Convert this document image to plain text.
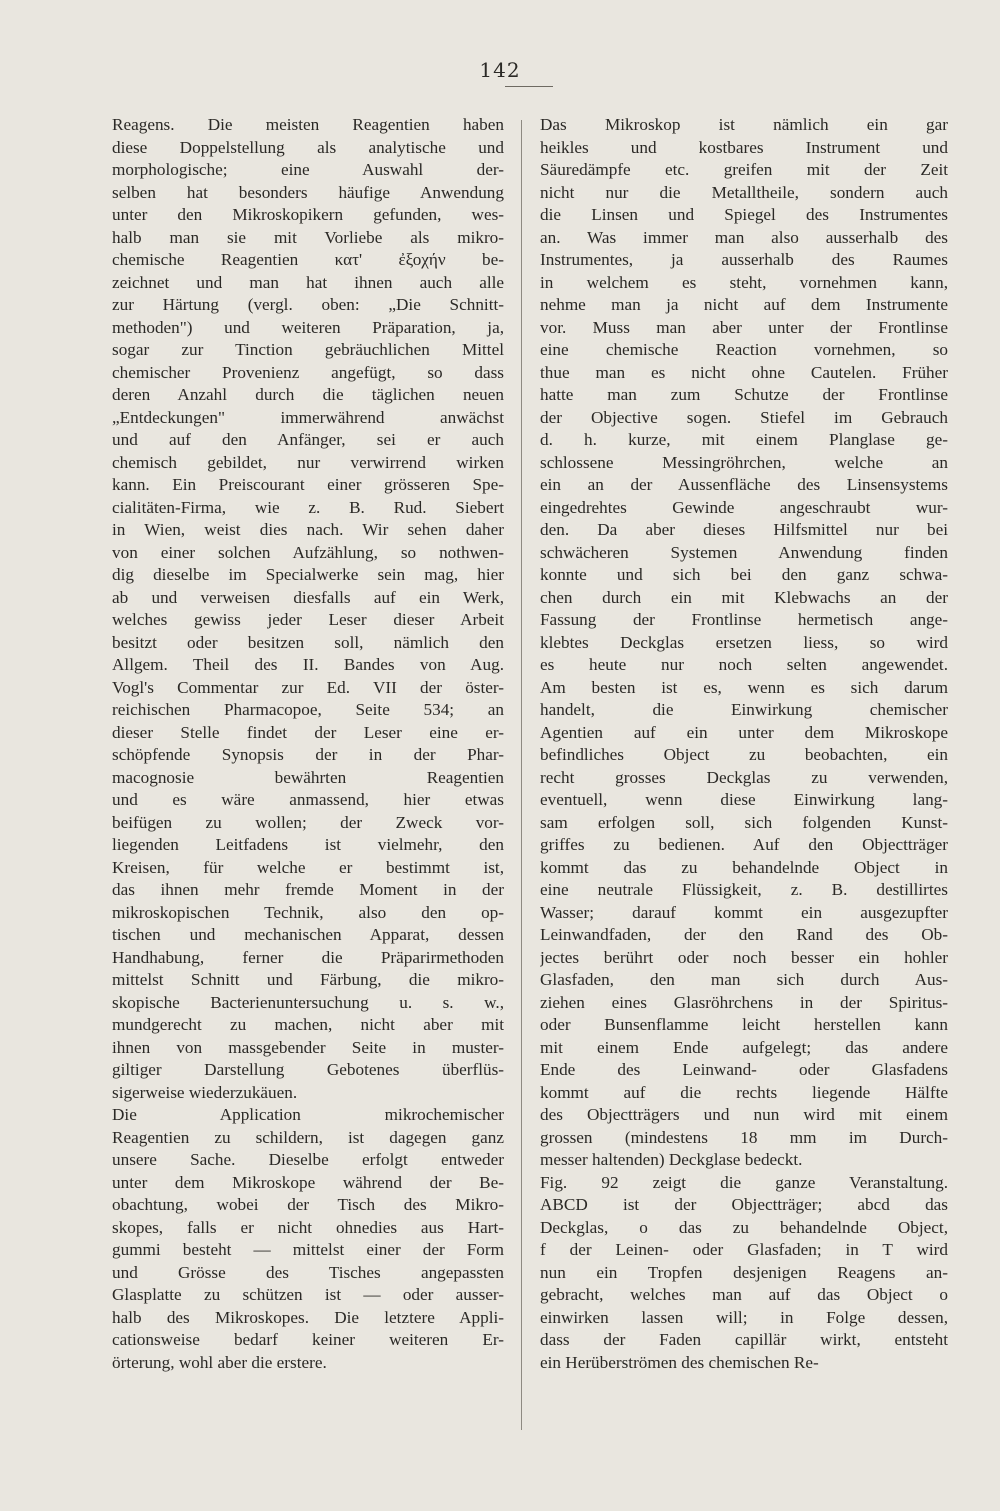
142
Reagens. Die meisten Reagentien haben
diese Doppelstellung als analytische und
morphologische; eine Auswahl der-
selben hat besonders häufige Anwendung
unter den Mikroskopikern gefunden, wes-
halb man sie mit Vorliebe als mikro-
chemische Reagentien κατ' ἐξοχήν be-
zeichnet und man hat ihnen auch alle
zur Härtung (vergl. oben: „Die Schnitt-
methoden") und weiteren Präparation, ja,
sogar zur Tinction gebräuchlichen Mittel
chemischer Provenienz angefügt, so dass
deren Anzahl durch die täglichen neuen
„Entdeckungen" immerwährend anwächst
und auf den Anfänger, sei er auch
chemisch gebildet, nur verwirrend wirken
kann. Ein Preiscourant einer grösseren Spe-
cialitäten-Firma, wie z. B. Rud. Siebert
in Wien, weist dies nach. Wir sehen daher
von einer solchen Aufzählung, so nothwen-
dig dieselbe im Specialwerke sein mag, hier
ab und verweisen diesfalls auf ein Werk,
welches gewiss jeder Leser dieser Arbeit
besitzt oder besitzen soll, nämlich den
Allgem. Theil des II. Bandes von Aug.
Vogl's Commentar zur Ed. VII der öster-
reichischen Pharmacopoe, Seite 534; an
dieser Stelle findet der Leser eine er-
schöpfende Synopsis der in der Phar-
macognosie bewährten Reagentien
und es wäre anmassend, hier etwas
beifügen zu wollen; der Zweck vor-
liegenden Leitfadens ist vielmehr, den
Kreisen, für welche er bestimmt ist,
das ihnen mehr fremde Moment in der
mikroskopischen Technik, also den op-
tischen und mechanischen Apparat, dessen
Handhabung, ferner die Präparirmethoden
mittelst Schnitt und Färbung, die mikro-
skopische Bacterienuntersuchung u. s. w.,
mundgerecht zu machen, nicht aber mit
ihnen von massgebender Seite in muster-
giltiger Darstellung Gebotenes überflüs-
sigerweise wiederzukäuen.
Die Application mikrochemischer
Reagentien zu schildern, ist dagegen ganz
unsere Sache. Dieselbe erfolgt entweder
unter dem Mikroskope während der Be-
obachtung, wobei der Tisch des Mikro-
skopes, falls er nicht ohnedies aus Hart-
gummi besteht — mittelst einer der Form
und Grösse des Tisches angepassten
Glasplatte zu schützen ist — oder ausser-
halb des Mikroskopes. Die letztere Appli-
cationsweise bedarf keiner weiteren Er-
örterung, wohl aber die erstere.
Das Mikroskop ist nämlich ein gar
heikles und kostbares Instrument und
Säuredämpfe etc. greifen mit der Zeit
nicht nur die Metalltheile, sondern auch
die Linsen und Spiegel des Instrumentes
an. Was immer man also ausserhalb des
Instrumentes, ja ausserhalb des Raumes
in welchem es steht, vornehmen kann,
nehme man ja nicht auf dem Instrumente
vor. Muss man aber unter der Frontlinse
eine chemische Reaction vornehmen, so
thue man es nicht ohne Cautelen. Früher
hatte man zum Schutze der Frontlinse
der Objective sogen. Stiefel im Gebrauch
d. h. kurze, mit einem Planglase ge-
schlossene Messingröhrchen, welche an
ein an der Aussenfläche des Linsensystems
eingedrehtes Gewinde angeschraubt wur-
den. Da aber dieses Hilfsmittel nur bei
schwächeren Systemen Anwendung finden
konnte und sich bei den ganz schwa-
chen durch ein mit Klebwachs an der
Fassung der Frontlinse hermetisch ange-
klebtes Deckglas ersetzen liess, so wird
es heute nur noch selten angewendet.
Am besten ist es, wenn es sich darum
handelt, die Einwirkung chemischer
Agentien auf ein unter dem Mikroskope
befindliches Object zu beobachten, ein
recht grosses Deckglas zu verwenden,
eventuell, wenn diese Einwirkung lang-
sam erfolgen soll, sich folgenden Kunst-
griffes zu bedienen. Auf den Objectträger
kommt das zu behandelnde Object in
eine neutrale Flüssigkeit, z. B. destillirtes
Wasser; darauf kommt ein ausgezupfter
Leinwandfaden, der den Rand des Ob-
jectes berührt oder noch besser ein hohler
Glasfaden, den man sich durch Aus-
ziehen eines Glasröhrchens in der Spiritus-
oder Bunsenflamme leicht herstellen kann
mit einem Ende aufgelegt; das andere
Ende des Leinwand- oder Glasfadens
kommt auf die rechts liegende Hälfte
des Objectträgers und nun wird mit einem
grossen (mindestens 18 mm im Durch-
messer haltenden) Deckglase bedeckt.
Fig. 92 zeigt die ganze Veranstaltung.
ABCD ist der Objectträger; abcd das
Deckglas, o das zu behandelnde Object,
f der Leinen- oder Glasfaden; in T wird
nun ein Tropfen desjenigen Reagens an-
gebracht, welches man auf das Object o
einwirken lassen will; in Folge dessen,
dass der Faden capillär wirkt, entsteht
ein Herüberströmen des chemischen Re-
